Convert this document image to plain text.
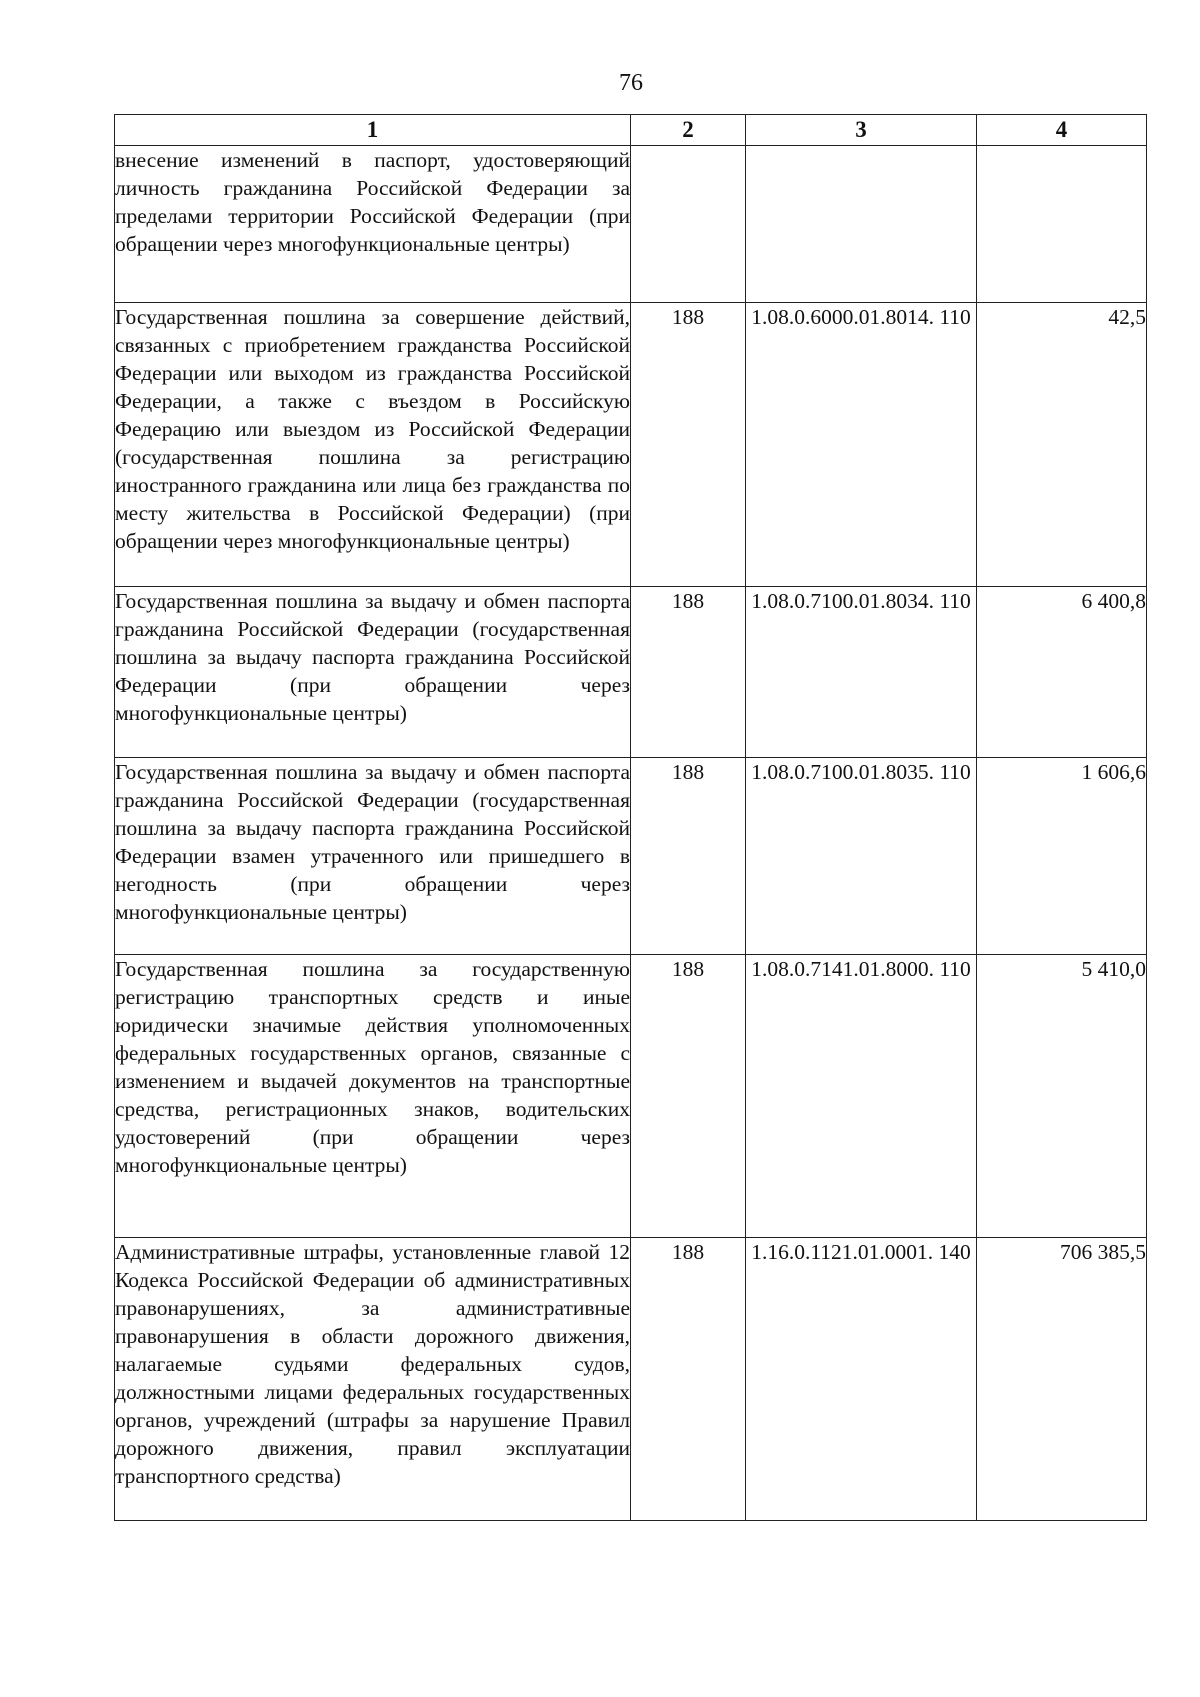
76
1	2	3	4
внесение изменений в паспорт, удостоверяющий личность гражданина Российской Федерации за пределами территории Российской Федерации (при обращении через многофункциональные центры)			
Государственная пошлина за совершение действий, связанных с приобретением гражданства Российской Федерации или выходом из гражданства Российской Федерации, а также с въездом в Российскую Федерацию или выездом из Российской Федерации (государственная пошлина за регистрацию иностранного гражданина или лица без гражданства по месту жительства в Российской Федерации) (при обращении через многофункциональные центры)	188	1.08.0.6000.01.8014. 110	42,5
Государственная пошлина за выдачу и обмен паспорта гражданина Российской Федерации (государственная пошлина за выдачу паспорта гражданина Российской Федерации (при обращении через многофункциональные центры)	188	1.08.0.7100.01.8034. 110	6 400,8
Государственная пошлина за выдачу и обмен паспорта гражданина Российской Федерации (государственная пошлина за выдачу паспорта гражданина Российской Федерации взамен утраченного или пришедшего в негодность (при обращении через многофункциональные центры)	188	1.08.0.7100.01.8035. 110	1 606,6
Государственная пошлина за государственную регистрацию транспортных средств и иные юридически значимые действия уполномоченных федеральных государственных органов, связанные с изменением и выдачей документов на транспортные средства, регистрационных знаков, водительских удостоверений (при обращении через многофункциональные центры)	188	1.08.0.7141.01.8000. 110	5 410,0
Административные штрафы, установленные главой 12 Кодекса Российской Федерации об административных правонарушениях, за административные правонарушения в области дорожного движения, налагаемые судьями федеральных судов, должностными лицами федеральных государственных органов, учреждений (штрафы за нарушение Правил дорожного движения, правил эксплуатации транспортного средства)	188	1.16.0.1121.01.0001. 140	706 385,5
